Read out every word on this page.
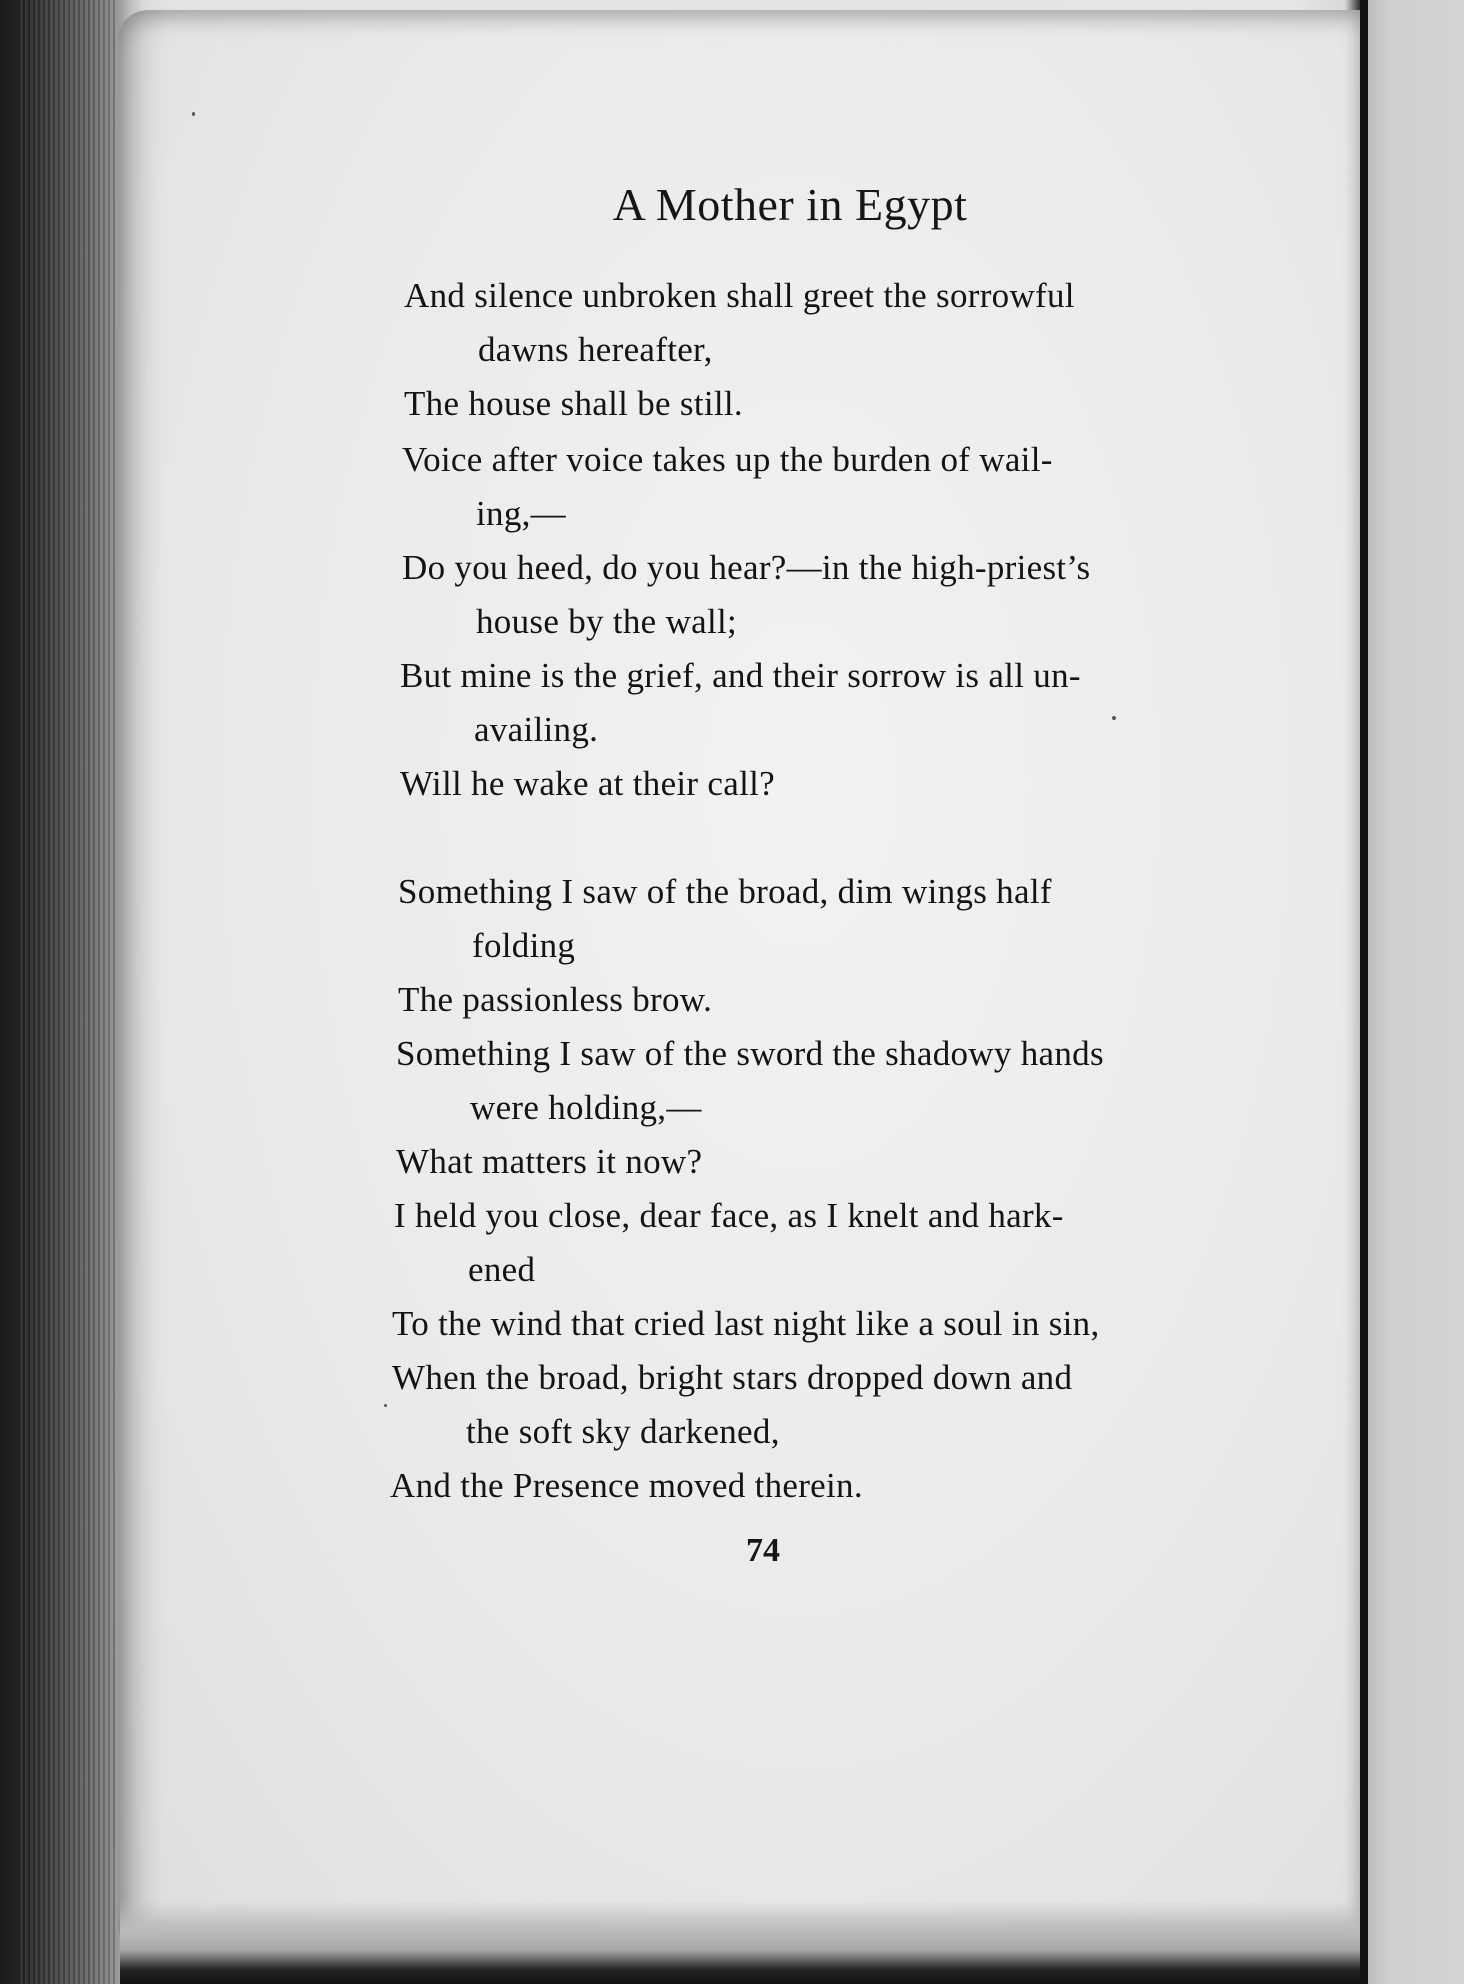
A Mother in Egypt

And silence unbroken shall greet the sorrowful

dawns hereafter,

The house shall be still.

Voice after voice takes up the burden of wail-

ing,—

Do you heed, do you hear?—in the high-priest’s

house by the wall;

But mine is the grief, and their sorrow is all un-

availing.

Will he wake at their call?

Something I saw of the broad, dim wings half

folding

The passionless brow.

Something I saw of the sword the shadowy hands

were holding,—

What matters it now?

I held you close, dear face, as I knelt and hark-

ened

To the wind that cried last night like a soul in sin,

When the broad, bright stars dropped down and

the soft sky darkened,

And the Presence moved therein.

74
